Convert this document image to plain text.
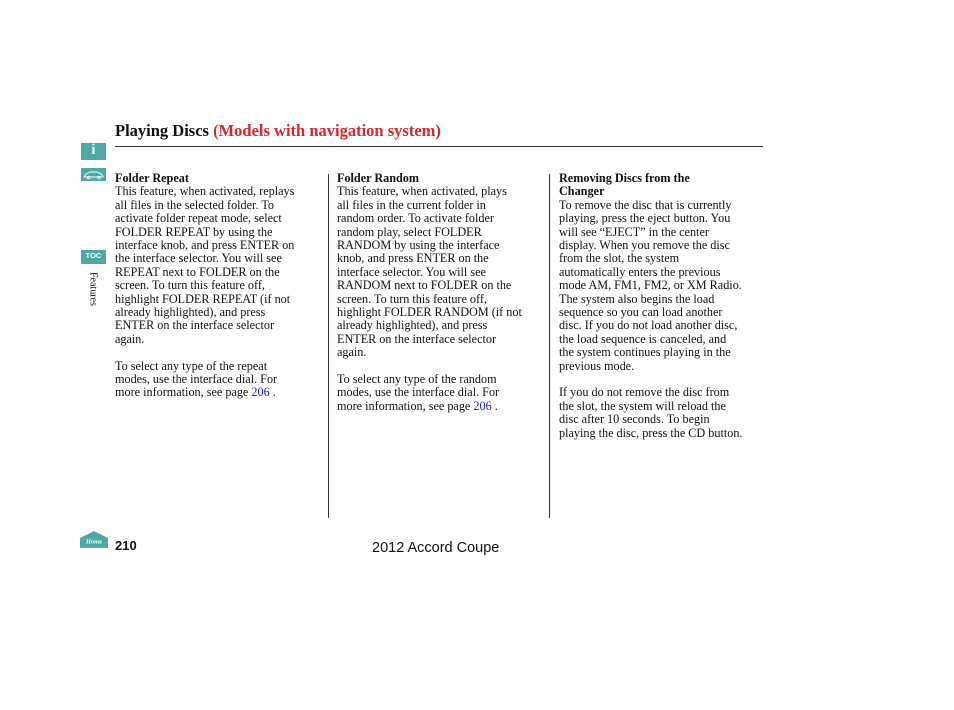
Playing Discs (Models with navigation system)
i
TOC
Features
Folder Repeat
This feature, when activated, replays
all files in the selected folder. To
activate folder repeat mode, select
FOLDER REPEAT by using the
interface knob, and press ENTER on
the interface selector. You will see
REPEAT next to FOLDER on the
screen. To turn this feature off,
highlight FOLDER REPEAT (if not
already highlighted), and press
ENTER on the interface selector
again.
To select any type of the repeat
modes, use the interface dial. For
more information, see page 206 .
Folder Random
This feature, when activated, plays
all files in the current folder in
random order. To activate folder
random play, select FOLDER
RANDOM by using the interface
knob, and press ENTER on the
interface selector. You will see
RANDOM next to FOLDER on the
screen. To turn this feature off,
highlight FOLDER RANDOM (if not
already highlighted), and press
ENTER on the interface selector
again.
To select any type of the random
modes, use the interface dial. For
more information, see page 206 .
Removing Discs from the
Changer
To remove the disc that is currently
playing, press the eject button. You
will see “EJECT” in the center
display. When you remove the disc
from the slot, the system
automatically enters the previous
mode AM, FM1, FM2, or XM Radio.
The system also begins the load
sequence so you can load another
disc. If you do not load another disc,
the load sequence is canceled, and
the system continues playing in the
previous mode.
If you do not remove the disc from
the slot, the system will reload the
disc after 10 seconds. To begin
playing the disc, press the CD button.
Home 210	2012 Accord Coupe
